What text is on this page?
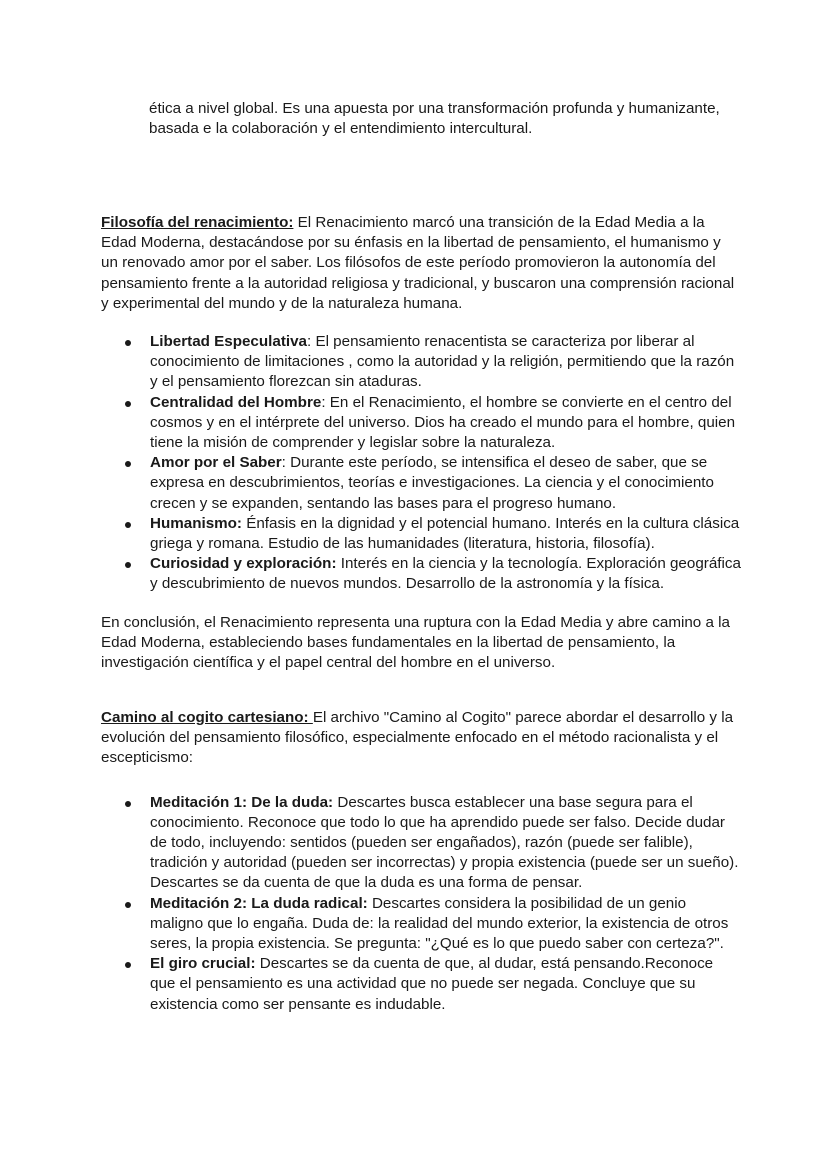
ética a nivel global. Es una apuesta por una transformación profunda y humanizante, basada e la colaboración y el entendimiento intercultural.

Filosofía del renacimiento: El Renacimiento marcó una transición de la Edad Media a la Edad Moderna, destacándose por su énfasis en la libertad de pensamiento, el humanismo y un renovado amor por el saber. Los filósofos de este período promovieron la autonomía del pensamiento frente a la autoridad religiosa y tradicional, y buscaron una comprensión racional y experimental del mundo y de la naturaleza humana.

Libertad Especulativa: El pensamiento renacentista se caracteriza por liberar al conocimiento de limitaciones , como la autoridad y la religión, permitiendo que la razón y el pensamiento florezcan sin ataduras.
Centralidad del Hombre: En el Renacimiento, el hombre se convierte en el centro del cosmos y en el intérprete del universo. Dios ha creado el mundo para el hombre, quien tiene la misión de comprender y legislar sobre la naturaleza.
Amor por el Saber: Durante este período, se intensifica el deseo de saber, que se expresa en descubrimientos, teorías e investigaciones. La ciencia y el conocimiento crecen y se expanden, sentando las bases para el progreso humano.
Humanismo: Énfasis en la dignidad y el potencial humano. Interés en la cultura clásica griega y romana. Estudio de las humanidades (literatura, historia, filosofía).
Curiosidad y exploración: Interés en la ciencia y la tecnología. Exploración geográfica y descubrimiento de nuevos mundos. Desarrollo de la astronomía y la física.

En conclusión, el Renacimiento representa una ruptura con la Edad Media y abre camino a la Edad Moderna, estableciendo bases fundamentales en la libertad de pensamiento, la investigación científica y el papel central del hombre en el universo.

Camino al cogito cartesiano: El archivo "Camino al Cogito" parece abordar el desarrollo y la evolución del pensamiento filosófico, especialmente enfocado en el método racionalista y el escepticismo:

Meditación 1: De la duda: Descartes busca establecer una base segura para el conocimiento. Reconoce que todo lo que ha aprendido puede ser falso. Decide dudar de todo, incluyendo: sentidos (pueden ser engañados), razón (puede ser falible), tradición y autoridad (pueden ser incorrectas) y propia existencia (puede ser un sueño). Descartes se da cuenta de que la duda es una forma de pensar.
Meditación 2: La duda radical: Descartes considera la posibilidad de un genio maligno que lo engaña. Duda de: la realidad del mundo exterior, la existencia de otros seres, la propia existencia. Se pregunta: "¿Qué es lo que puedo saber con certeza?".
El giro crucial: Descartes se da cuenta de que, al dudar, está pensando.Reconoce que el pensamiento es una actividad que no puede ser negada. Concluye que su existencia como ser pensante es indudable.
